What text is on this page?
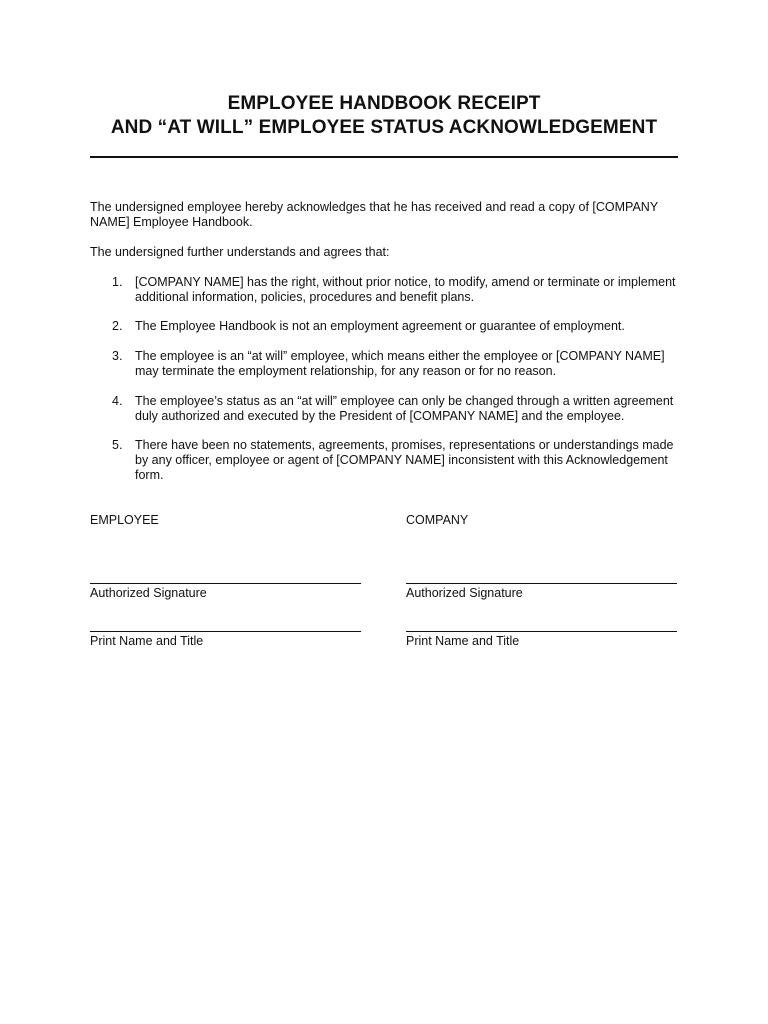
EMPLOYEE HANDBOOK RECEIPT
AND “AT WILL” EMPLOYEE STATUS ACKNOWLEDGEMENT
The undersigned employee hereby acknowledges that he has received and read a copy of [COMPANY NAME] Employee Handbook.
The undersigned further understands and agrees that:
1. [COMPANY NAME] has the right, without prior notice, to modify, amend or terminate or implement additional information, policies, procedures and benefit plans.
2. The Employee Handbook is not an employment agreement or guarantee of employment.
3. The employee is an “at will” employee, which means either the employee or [COMPANY NAME] may terminate the employment relationship, for any reason or for no reason.
4. The employee’s status as an “at will” employee can only be changed through a written agreement duly authorized and executed by the President of [COMPANY NAME] and the employee.
5. There have been no statements, agreements, promises, representations or understandings made by any officer, employee or agent of [COMPANY NAME] inconsistent with this Acknowledgement form.
EMPLOYEE
Authorized Signature
Print Name and Title
COMPANY
Authorized Signature
Print Name and Title
